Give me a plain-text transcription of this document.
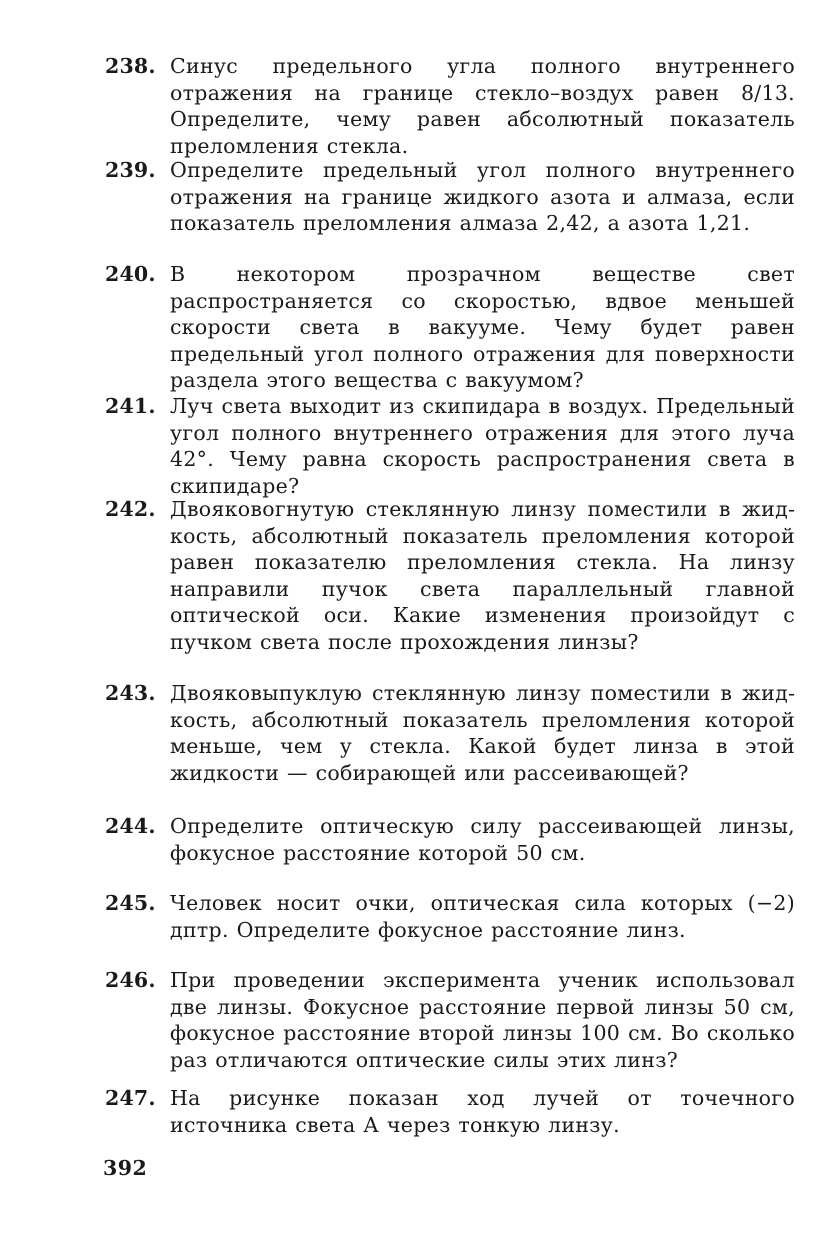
238. Синус предельного угла полного внутреннего отражения на границе стекло–воздух равен 8/13. Определите, чему равен абсолютный показатель преломления стекла.
239. Определите предельный угол полного внутреннего отражения на границе жидкого азота и алмаза, если показатель преломления алмаза 2,42, а азота 1,21.
240. В некотором прозрачном веществе свет распространяется со скоростью, вдвое меньшей скорости света в вакууме. Чему будет равен предельный угол полного отражения для поверхности раздела этого вещества с вакуумом?
241. Луч света выходит из скипидара в воздух. Предельный угол полного внутреннего отражения для этого луча 42°. Чему равна скорость распространения света в скипидаре?
242. Двояковогнутую стеклянную линзу поместили в жидкость, абсолютный показатель преломления которой равен показателю преломления стекла. На линзу направили пучок света параллельный главной оптической оси. Какие изменения произойдут с пучком света после прохождения линзы?
243. Двояковыпуклую стеклянную линзу поместили в жидкость, абсолютный показатель преломления которой меньше, чем у стекла. Какой будет линза в этой жидкости — собирающей или рассеивающей?
244. Определите оптическую силу рассеивающей линзы, фокусное расстояние которой 50 см.
245. Человек носит очки, оптическая сила которых (−2) дптр. Определите фокусное расстояние линз.
246. При проведении эксперимента ученик использовал две линзы. Фокусное расстояние первой линзы 50 см, фокусное расстояние второй линзы 100 см. Во сколько раз отличаются оптические силы этих линз?
247. На рисунке показан ход лучей от точечного источника света А через тонкую линзу.
392
